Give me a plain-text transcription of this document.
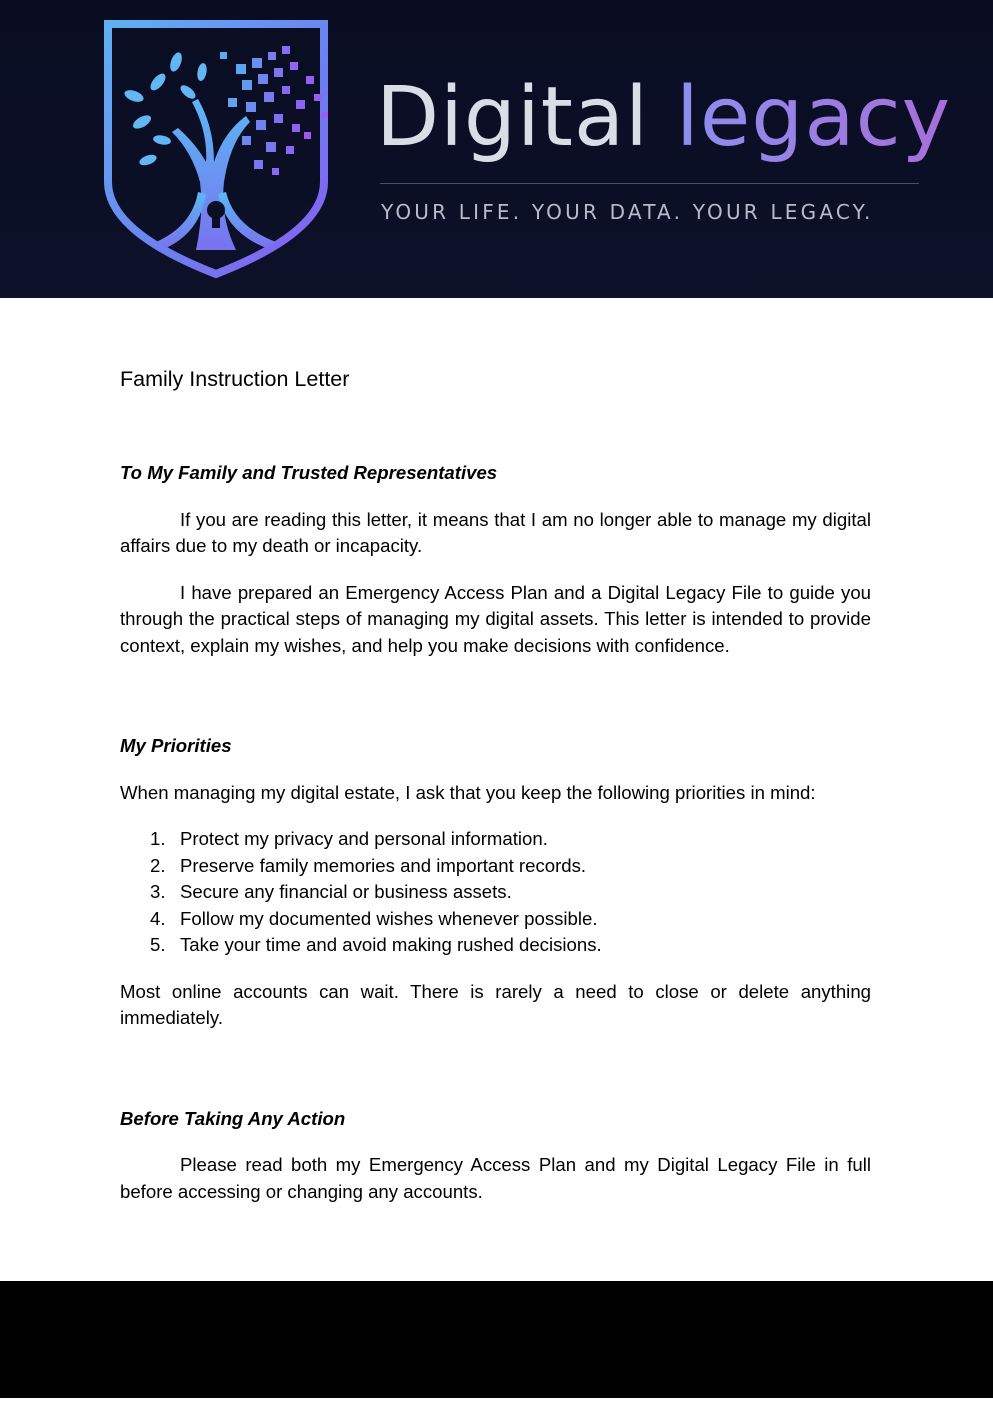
Digital legacy
YOUR LIFE. YOUR DATA. YOUR LEGACY.
Family Instruction Letter
To My Family and Trusted Representatives

If you are reading this letter, it means that I am no longer able to manage my digital affairs due to my death or incapacity.

I have prepared an Emergency Access Plan and a Digital Legacy File to guide you through the practical steps of managing my digital assets. This letter is intended to provide context, explain my wishes, and help you make decisions with confidence.

My Priorities

When managing my digital estate, I ask that you keep the following priorities in mind:

1. Protect my privacy and personal information.
2. Preserve family memories and important records.
3. Secure any financial or business assets.
4. Follow my documented wishes whenever possible.
5. Take your time and avoid making rushed decisions.

Most online accounts can wait. There is rarely a need to close or delete anything immediately.

Before Taking Any Action

Please read both my Emergency Access Plan and my Digital Legacy File in full before accessing or changing any accounts.
